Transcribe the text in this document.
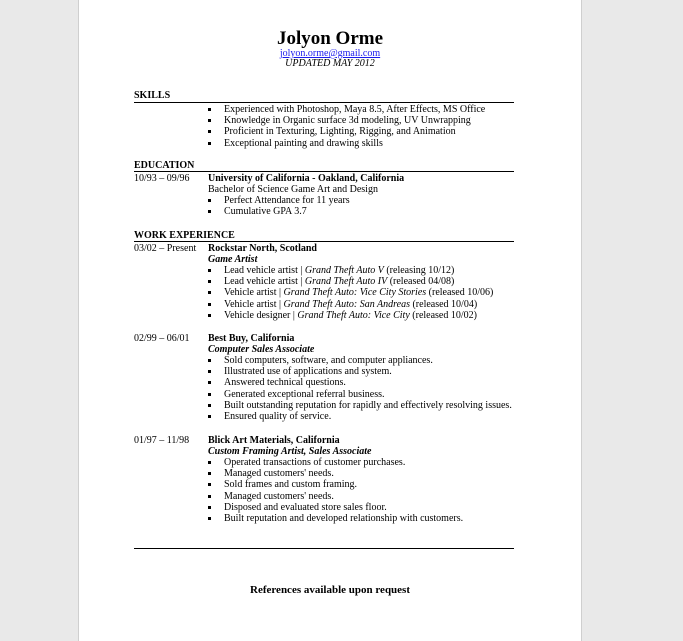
Jolyon Orme
jolyon.orme@gmail.com
UPDATED MAY 2012
SKILLS
Experienced with Photoshop, Maya 8.5, After Effects, MS Office
Knowledge in Organic surface 3d modeling, UV Unwrapping
Proficient in Texturing, Lighting, Rigging, and Animation
Exceptional painting and drawing skills
EDUCATION
10/93 – 09/96 University of California - Oakland, California
Bachelor of Science Game Art and Design
Perfect Attendance for 11 years
Cumulative GPA 3.7
WORK EXPERIENCE
03/02 – Present Rockstar North, Scotland
Game Artist
Lead vehicle artist | Grand Theft Auto V (releasing 10/12)
Lead vehicle artist | Grand Theft Auto IV (released 04/08)
Vehicle artist | Grand Theft Auto: Vice City Stories (released 10/06)
Vehicle artist | Grand Theft Auto: San Andreas (released 10/04)
Vehicle designer | Grand Theft Auto: Vice City (released 10/02)
02/99 – 06/01 Best Buy, California
Computer Sales Associate
Sold computers, software, and computer appliances.
Illustrated use of applications and system.
Answered technical questions.
Generated exceptional referral business.
Built outstanding reputation for rapidly and effectively resolving issues.
Ensured quality of service.
01/97 – 11/98 Blick Art Materials, California
Custom Framing Artist, Sales Associate
Operated transactions of customer purchases.
Managed customers' needs.
Sold frames and custom framing.
Managed customers' needs.
Disposed and evaluated store sales floor.
Built reputation and developed relationship with customers.
References available upon request
